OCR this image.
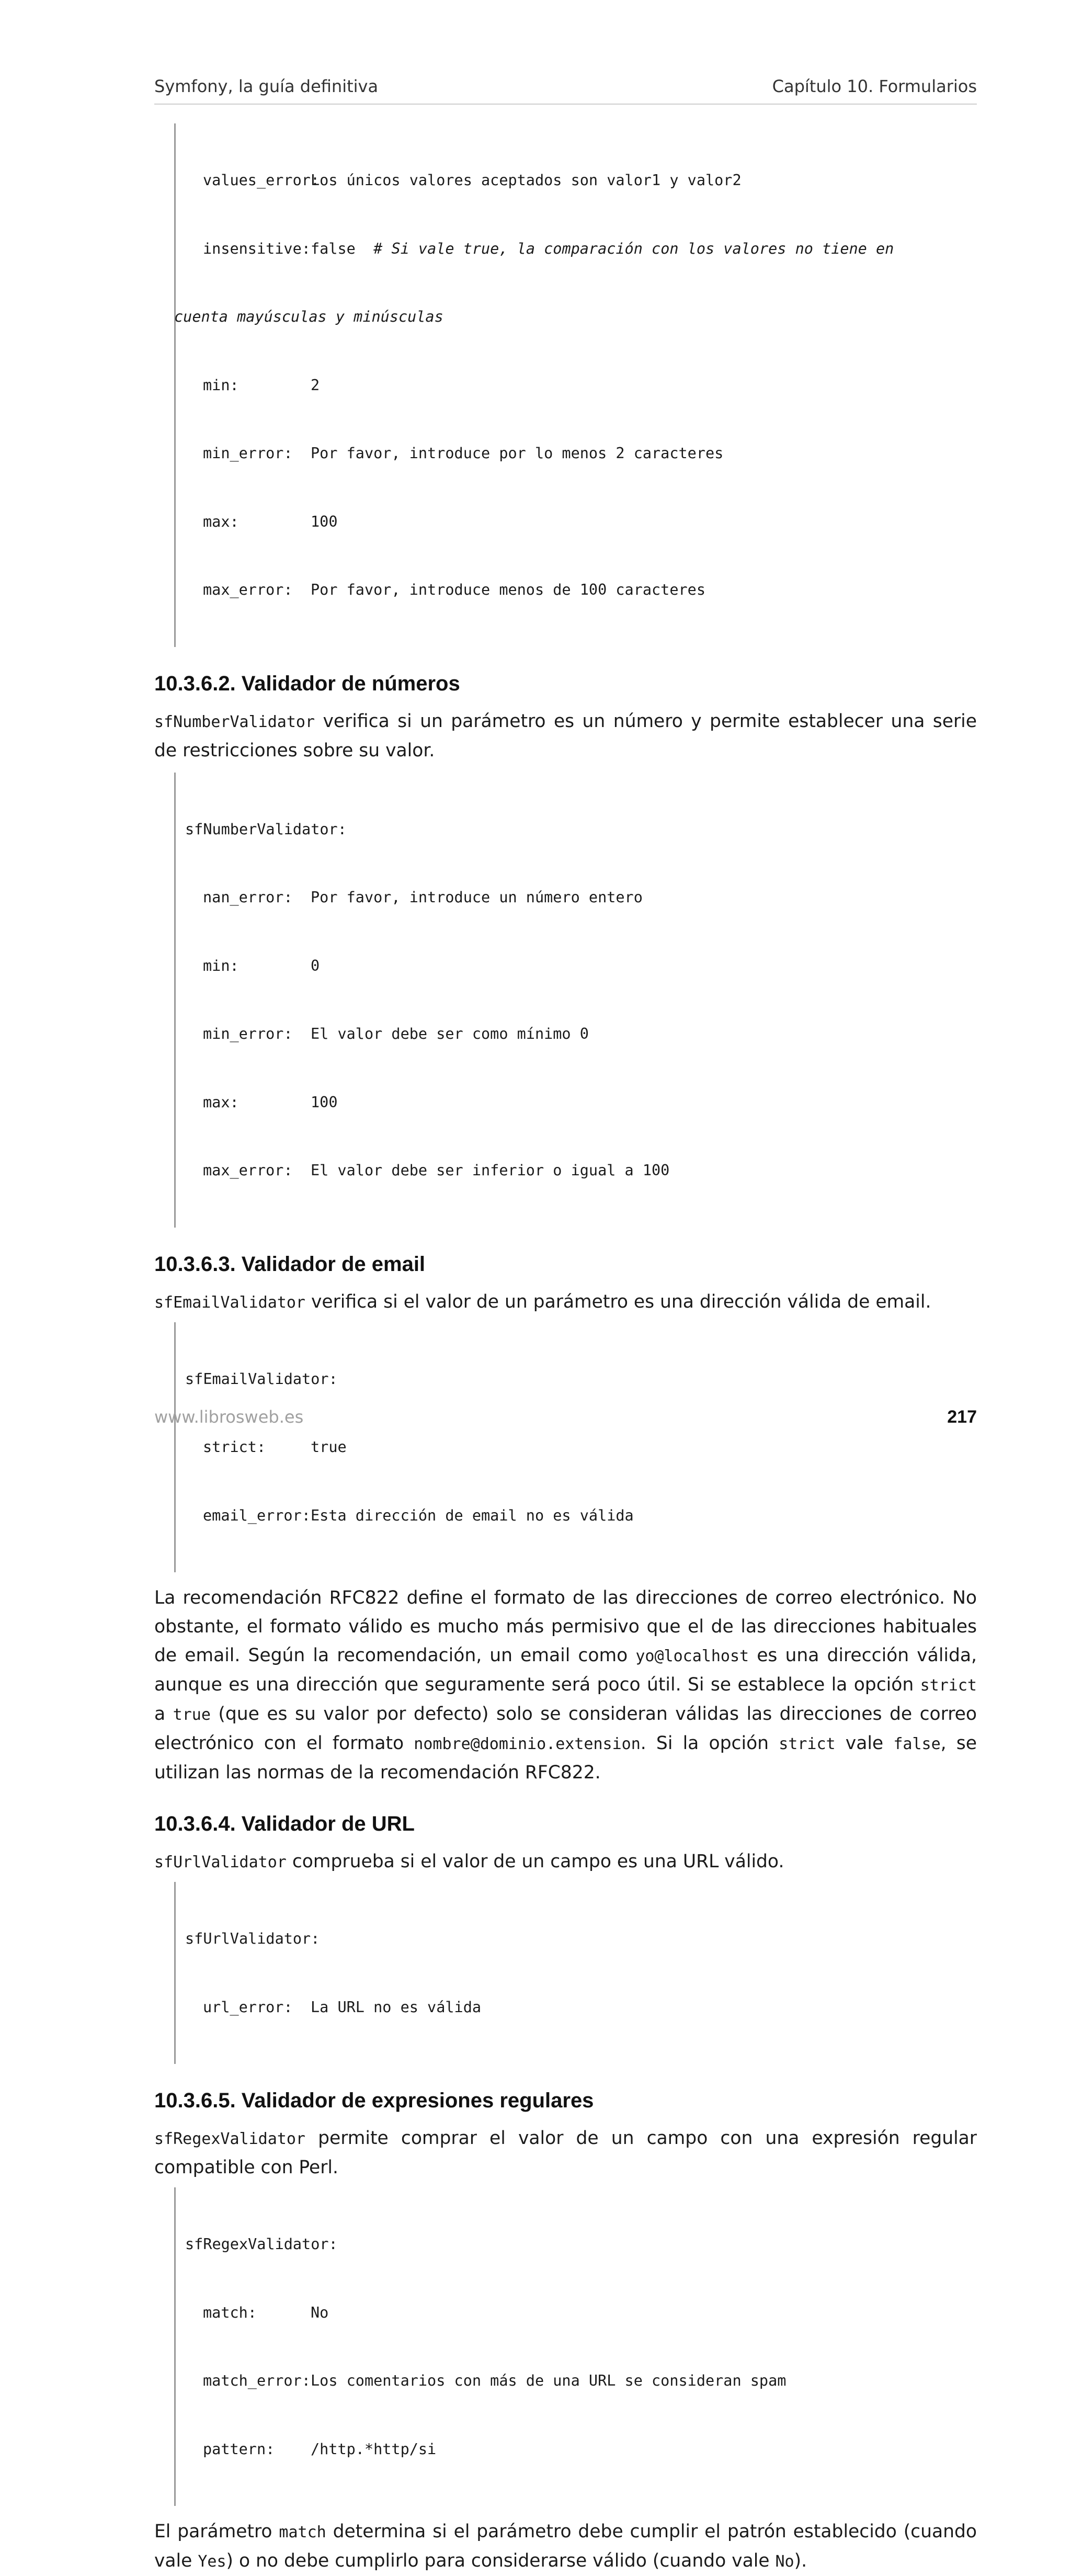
Symfony, la guía definitiva	Capítulo 10. Formularios

values_error:Los únicos valores aceptados son valor1 y valor2

insensitive:false # Si vale true, la comparación con los valores no tiene en

cuenta mayúsculas y minúsculas

min:	2

min_error: Por favor, introduce por lo menos 2 caracteres

max:	100

max_error: Por favor, introduce menos de 100 caracteres

10.3.6.2. Validador de números

sfNumberValidator verifica si un parámetro es un número y permite establecer una serie de restricciones sobre su valor.

sfNumberValidator:

nan_error: Por favor, introduce un número entero

min:	0

min_error: El valor debe ser como mínimo 0

max:	100

max_error: El valor debe ser inferior o igual a 100

10.3.6.3. Validador de email

sfEmailValidator verifica si el valor de un parámetro es una dirección válida de email.

sfEmailValidator:

strict:	true

email_error:Esta dirección de email no es válida

La recomendación RFC822 define el formato de las direcciones de correo electrónico. No obstante, el formato válido es mucho más permisivo que el de las direcciones habituales de email. Según la recomendación, un email como yo@localhost es una dirección válida, aunque es una dirección que seguramente será poco útil. Si se establece la opción strict a true (que es su valor por defecto) solo se consideran válidas las direcciones de correo electrónico con el formato nombre@dominio.extension. Si la opción strict vale false, se utilizan las normas de la recomendación RFC822.

10.3.6.4. Validador de URL

sfUrlValidator comprueba si el valor de un campo es una URL válido.

sfUrlValidator:

url_error: La URL no es válida

10.3.6.5. Validador de expresiones regulares

sfRegexValidator permite comprar el valor de un campo con una expresión regular compatible con Perl.

sfRegexValidator:

match:	No

match_error:Los comentarios con más de una URL se consideran spam

pattern: /http.*http/si

El parámetro match determina si el parámetro debe cumplir el patrón establecido (cuando vale Yes) o no debe cumplirlo para considerarse válido (cuando vale No).

www.librosweb.es	217
